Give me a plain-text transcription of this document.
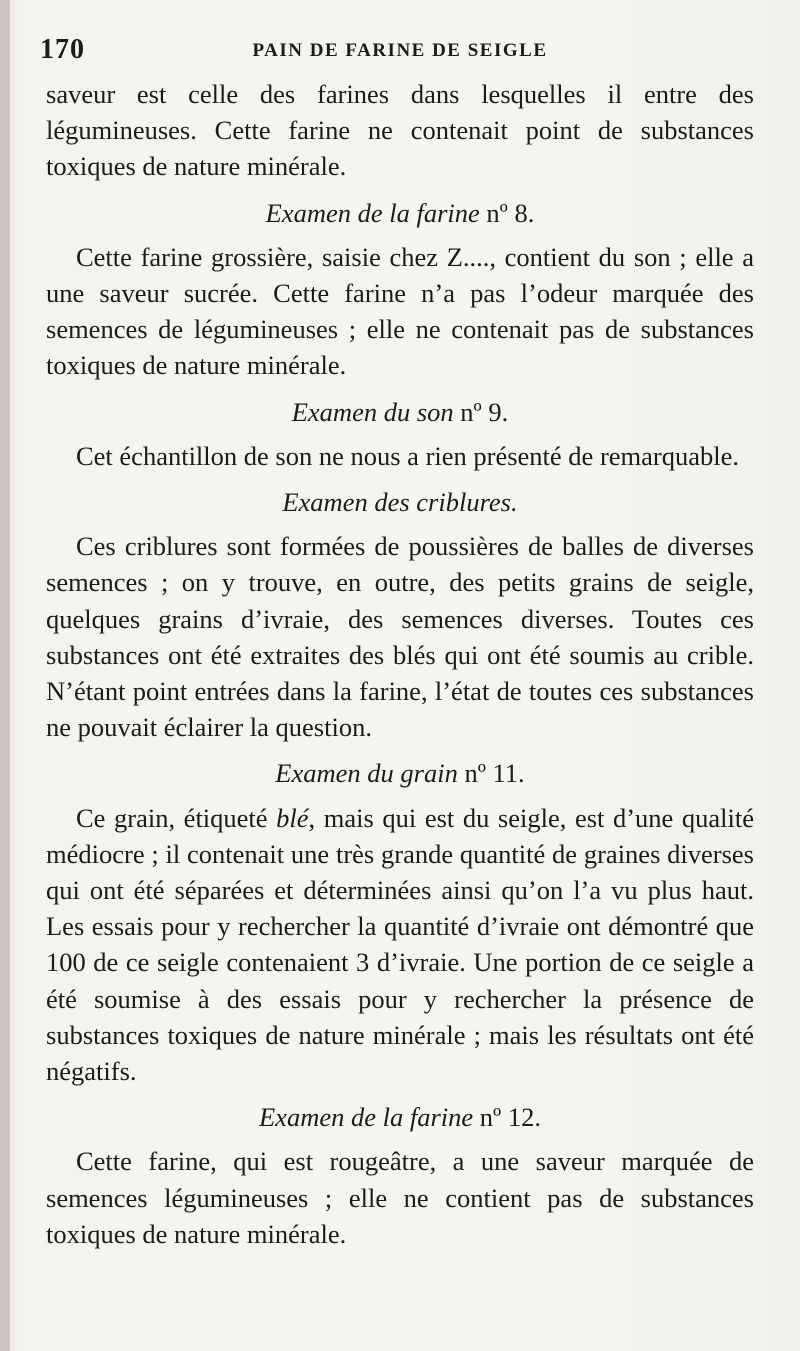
170	PAIN DE FARINE DE SEIGLE

saveur est celle des farines dans lesquelles il entre des légumineuses. Cette farine ne contenait point de substances toxiques de nature minérale.

Examen de la farine nº 8.

Cette farine grossière, saisie chez Z...., contient du son ; elle a une saveur sucrée. Cette farine n’a pas l’odeur marquée des semences de légumineuses ; elle ne contenait pas de substances toxiques de nature minérale.

Examen du son nº 9.

Cet échantillon de son ne nous a rien présenté de remarquable.

Examen des criblures.

Ces criblures sont formées de poussières de balles de diverses semences ; on y trouve, en outre, des petits grains de seigle, quelques grains d’ivraie, des semences diverses. Toutes ces substances ont été extraites des blés qui ont été soumis au crible. N’étant point entrées dans la farine, l’état de toutes ces substances ne pouvait éclairer la question.

Examen du grain nº 11.

Ce grain, étiqueté blé, mais qui est du seigle, est d’une qualité médiocre ; il contenait une très grande quantité de graines diverses qui ont été séparées et déterminées ainsi qu’on l’a vu plus haut. Les essais pour y rechercher la quantité d’ivraie ont démontré que 100 de ce seigle contenaient 3 d’ivraie. Une portion de ce seigle a été soumise à des essais pour y rechercher la présence de substances toxiques de nature minérale ; mais les résultats ont été négatifs.

Examen de la farine nº 12.

Cette farine, qui est rougeâtre, a une saveur marquée de semences légumineuses ; elle ne contient pas de substances toxiques de nature minérale.
